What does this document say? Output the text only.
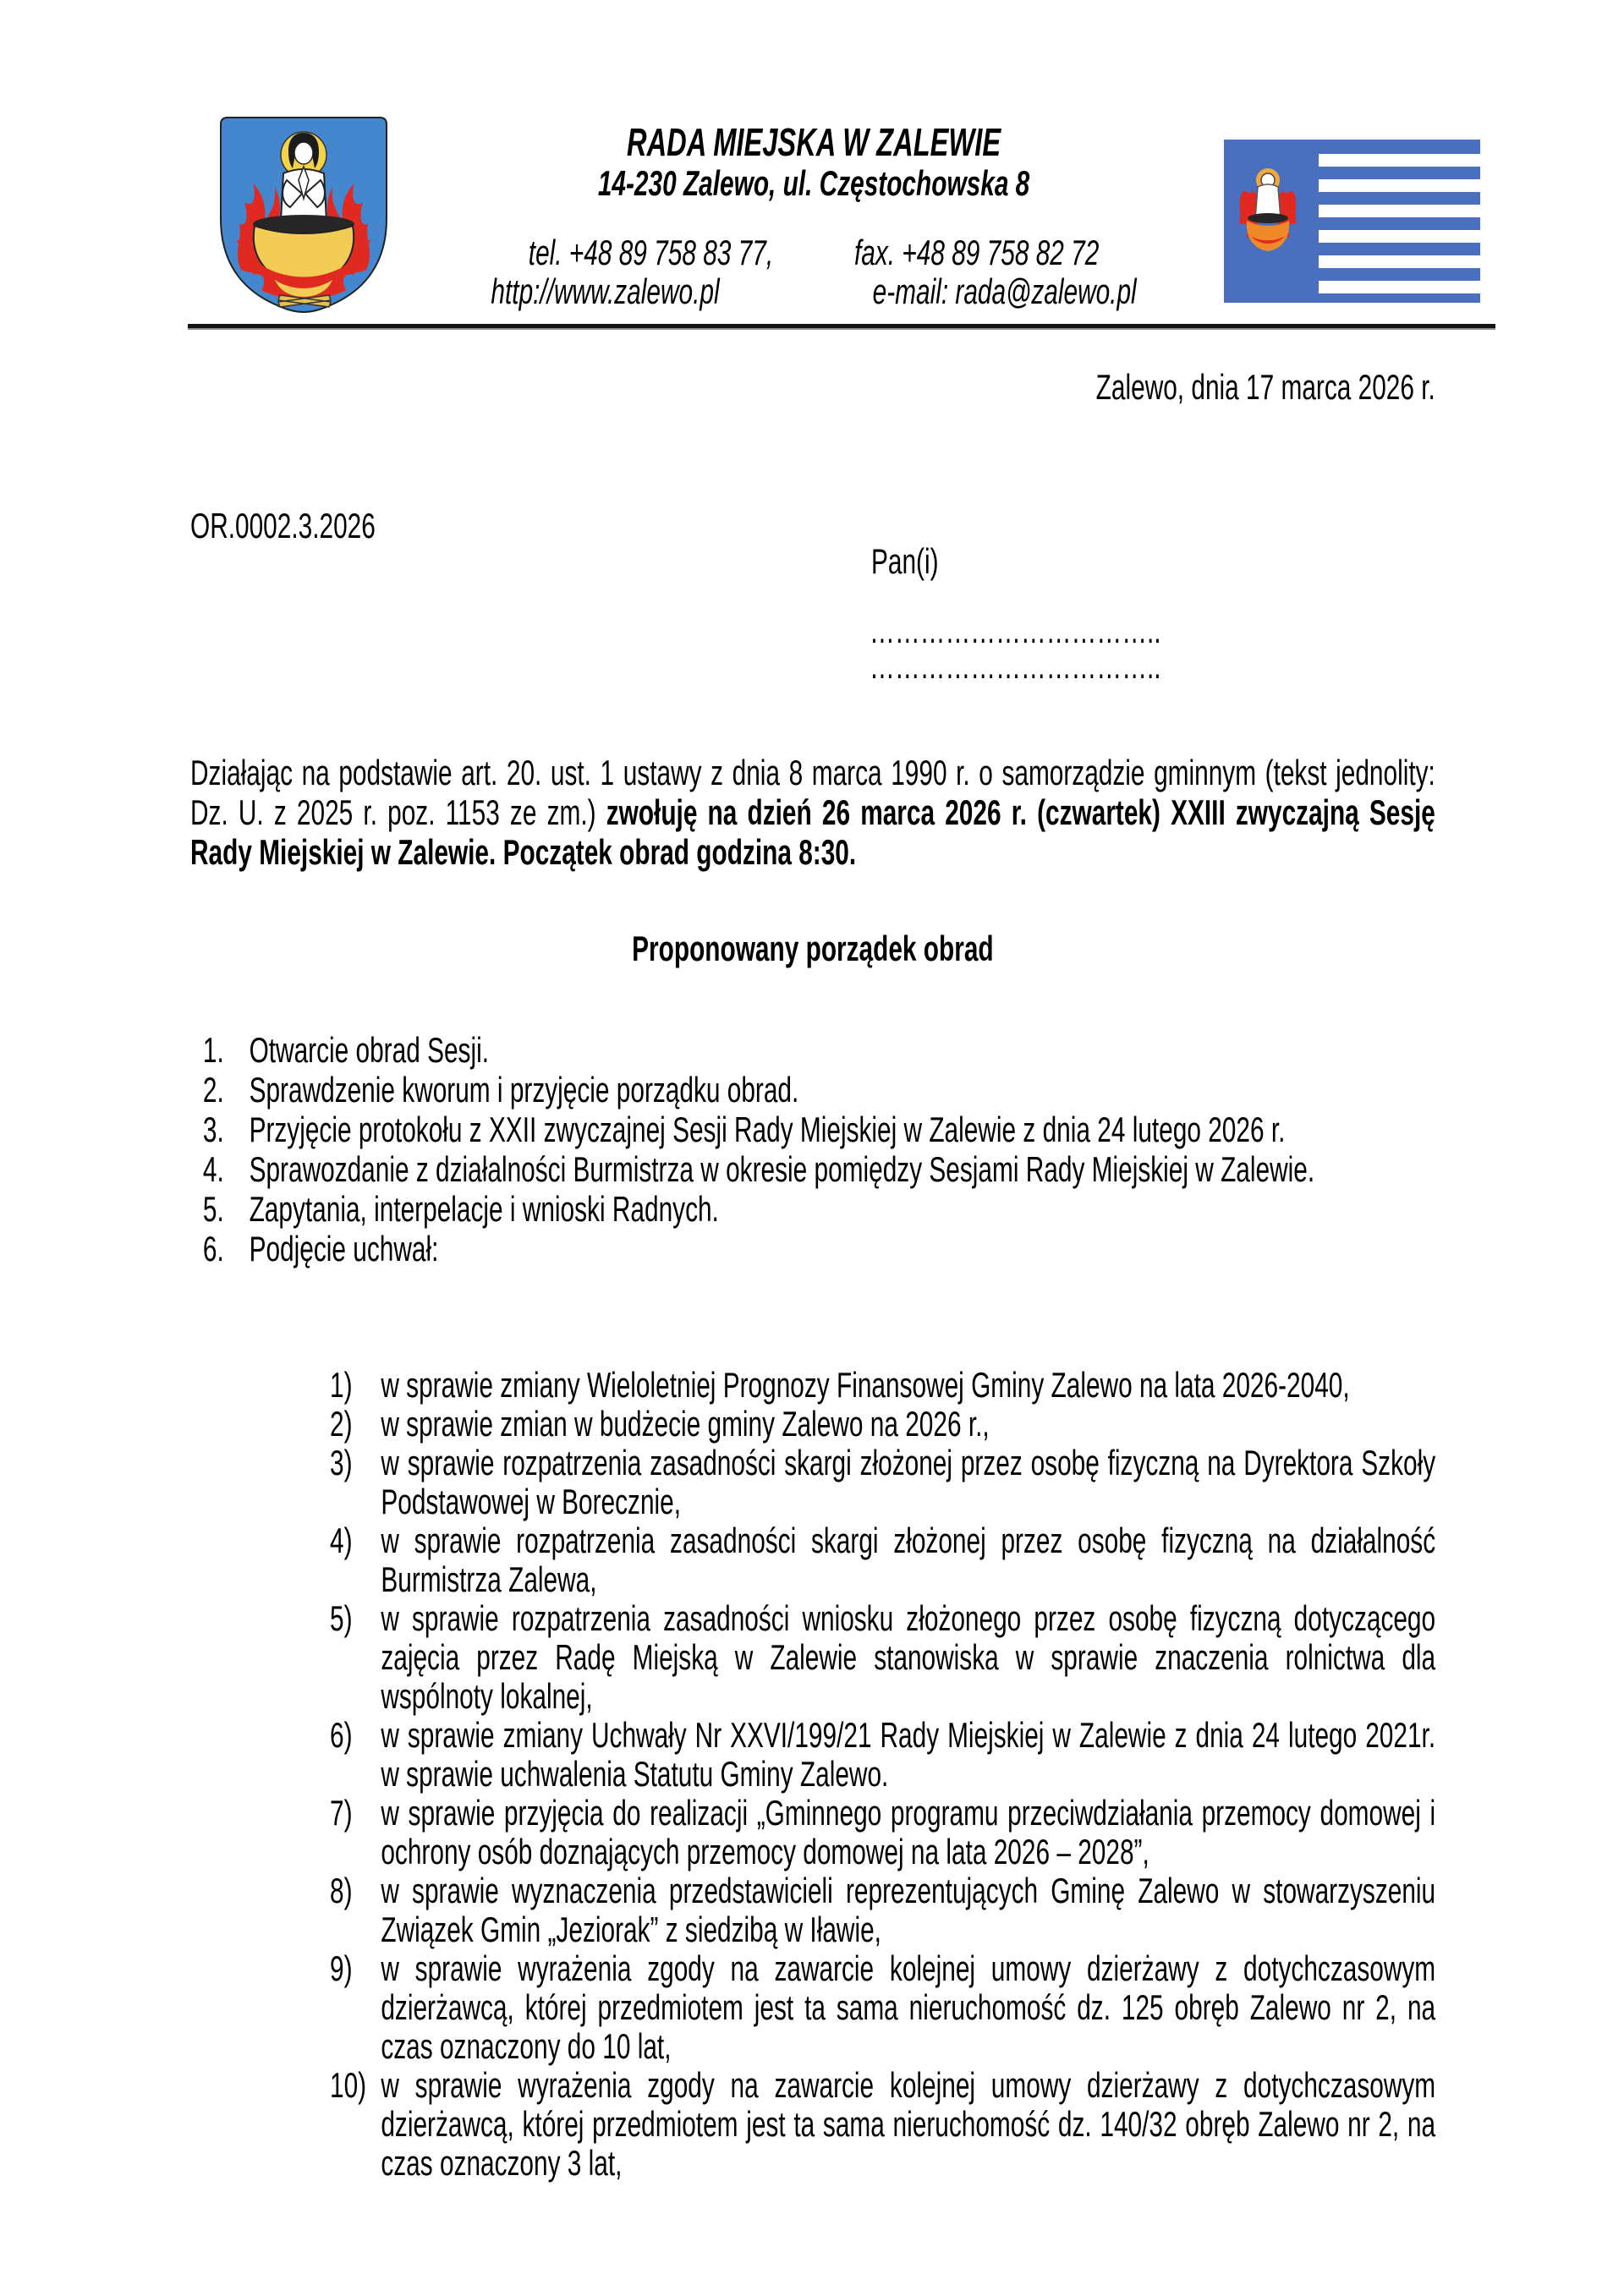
RADA MIEJSKA W ZALEWIE
14-230 Zalewo, ul. Częstochowska 8
tel. +48 89 758 83 77, fax. +48 89 758 82 72
http://www.zalewo.pl	e-mail: rada@zalewo.pl
Zalewo, dnia 17 marca 2026 r.
OR.0002.3.2026
Pan(i)
……………………………..
……………………………..
Działając na podstawie art. 20. ust. 1 ustawy z dnia 8 marca 1990 r. o samorządzie gminnym (tekst jednolity: Dz. U. z 2025 r. poz. 1153 ze zm.) zwołuję na dzień 26 marca 2026 r. (czwartek) XXIII zwyczajną Sesję Rady Miejskiej w Zalewie. Początek obrad godzina 8:30.
Proponowany porządek obrad
1. Otwarcie obrad Sesji.
2. Sprawdzenie kworum i przyjęcie porządku obrad.
3. Przyjęcie protokołu z XXII zwyczajnej Sesji Rady Miejskiej w Zalewie z dnia 24 lutego 2026 r.
4. Sprawozdanie z działalności Burmistrza w okresie pomiędzy Sesjami Rady Miejskiej w Zalewie.
5. Zapytania, interpelacje i wnioski Radnych.
6. Podjęcie uchwał:
1) w sprawie zmiany Wieloletniej Prognozy Finansowej Gminy Zalewo na lata 2026-2040,
2) w sprawie zmian w budżecie gminy Zalewo na 2026 r.,
3) w sprawie rozpatrzenia zasadności skargi złożonej przez osobę fizyczną na Dyrektora Szkoły Podstawowej w Borecznie,
4) w sprawie rozpatrzenia zasadności skargi złożonej przez osobę fizyczną na działalność Burmistrza Zalewa,
5) w sprawie rozpatrzenia zasadności wniosku złożonego przez osobę fizyczną dotyczącego zajęcia przez Radę Miejską w Zalewie stanowiska w sprawie znaczenia rolnictwa dla wspólnoty lokalnej,
6) w sprawie zmiany Uchwały Nr XXVI/199/21 Rady Miejskiej w Zalewie z dnia 24 lutego 2021r. w sprawie uchwalenia Statutu Gminy Zalewo.
7) w sprawie przyjęcia do realizacji „Gminnego programu przeciwdziałania przemocy domowej i ochrony osób doznających przemocy domowej na lata 2026 – 2028”,
8) w sprawie wyznaczenia przedstawicieli reprezentujących Gminę Zalewo w stowarzyszeniu Związek Gmin „Jeziorak” z siedzibą w Iławie,
9) w sprawie wyrażenia zgody na zawarcie kolejnej umowy dzierżawy z dotychczasowym dzierżawcą, której przedmiotem jest ta sama nieruchomość dz. 125 obręb Zalewo nr 2, na czas oznaczony do 10 lat,
10) w sprawie wyrażenia zgody na zawarcie kolejnej umowy dzierżawy z dotychczasowym dzierżawcą, której przedmiotem jest ta sama nieruchomość dz. 140/32 obręb Zalewo nr 2, na czas oznaczony 3 lat,
